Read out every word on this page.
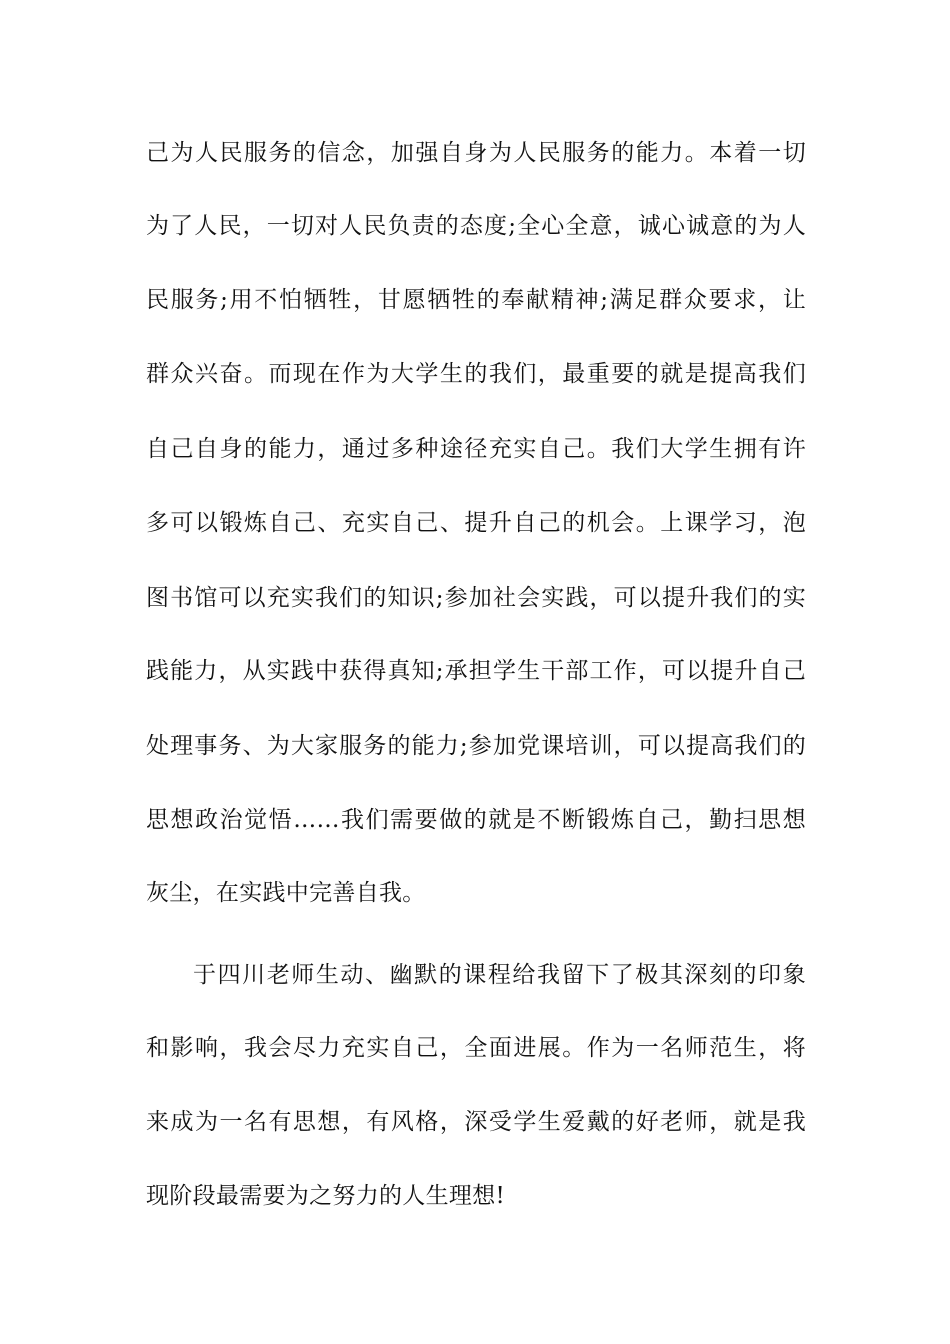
己为人民服务的信念，加强自身为人民服务的能力。本着一切
为了人民，一切对人民负责的态度;全心全意，诚心诚意的为人
民服务;用不怕牺牲，甘愿牺牲的奉献精神;满足群众要求，让
群众兴奋。而现在作为大学生的我们，最重要的就是提高我们
自己自身的能力，通过多种途径充实自己。我们大学生拥有许
多可以锻炼自己、充实自己、提升自己的机会。上课学习，泡
图书馆可以充实我们的知识;参加社会实践，可以提升我们的实
践能力，从实践中获得真知;承担学生干部工作，可以提升自己
处理事务、为大家服务的能力;参加党课培训，可以提高我们的
思想政治觉悟……我们需要做的就是不断锻炼自己，勤扫思想
灰尘，在实践中完善自我。
于四川老师生动、幽默的课程给我留下了极其深刻的印象
和影响，我会尽力充实自己，全面进展。作为一名师范生，将
来成为一名有思想，有风格，深受学生爱戴的好老师，就是我
现阶段最需要为之努力的人生理想!
